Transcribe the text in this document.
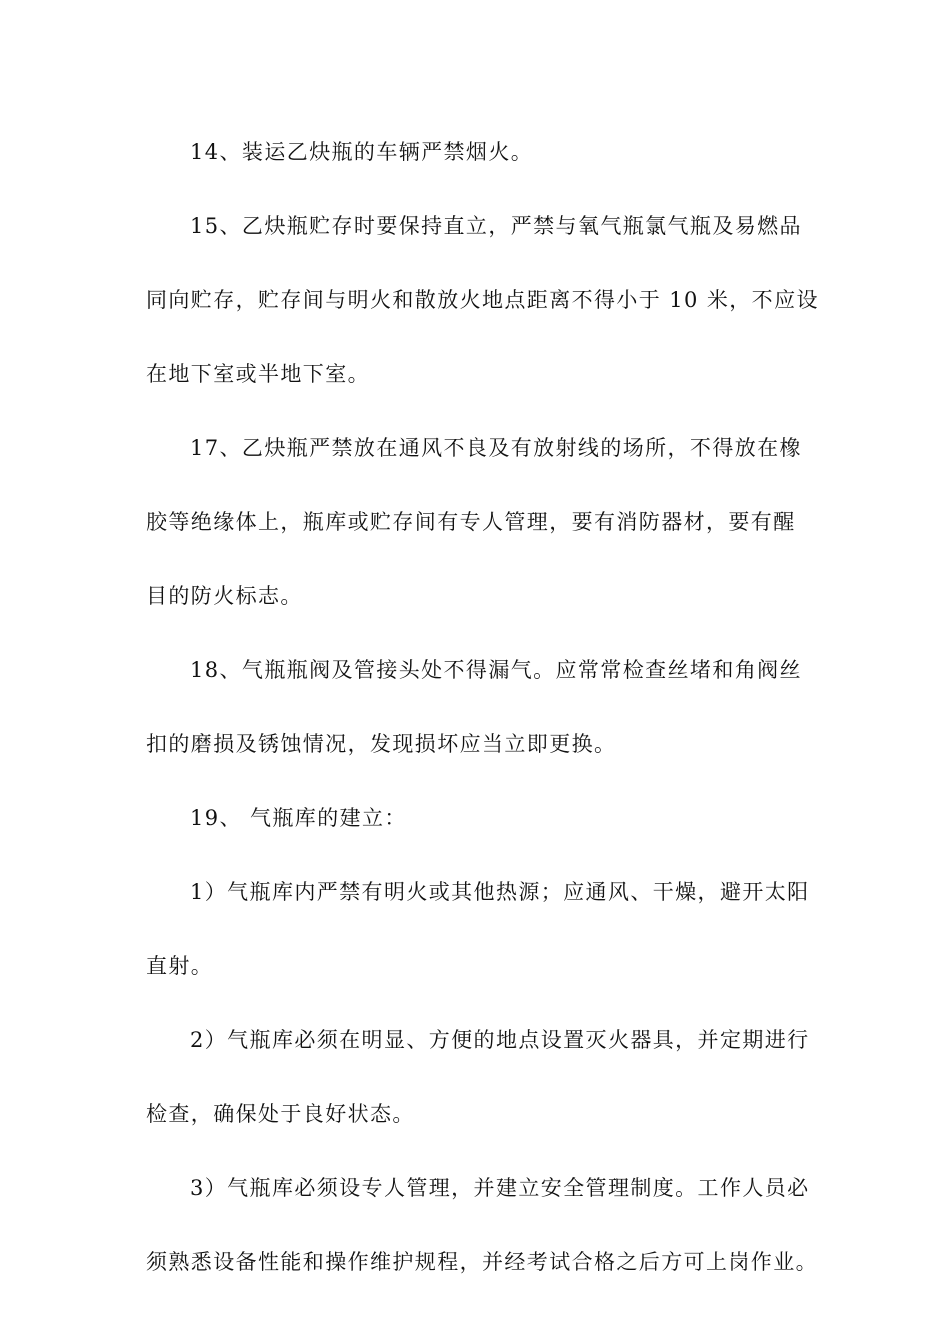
14、装运乙炔瓶的车辆严禁烟火。

15、乙炔瓶贮存时要保持直立，严禁与氧气瓶氯气瓶及易燃品

同向贮存，贮存间与明火和散放火地点距离不得小于 10 米，不应设

在地下室或半地下室。

17、乙炔瓶严禁放在通风不良及有放射线的场所，不得放在橡

胶等绝缘体上，瓶库或贮存间有专人管理，要有消防器材，要有醒

目的防火标志。

18、气瓶瓶阀及管接头处不得漏气。应常常检查丝堵和角阀丝

扣的磨损及锈蚀情况，发现损坏应当立即更换。

19、 气瓶库的建立：

1）气瓶库内严禁有明火或其他热源；应通风、干燥，避开太阳

直射。

2）气瓶库必须在明显、方便的地点设置灭火器具，并定期进行

检查，确保处于良好状态。

3）气瓶库必须设专人管理，并建立安全管理制度。工作人员必

须熟悉设备性能和操作维护规程，并经考试合格之后方可上岗作业。
